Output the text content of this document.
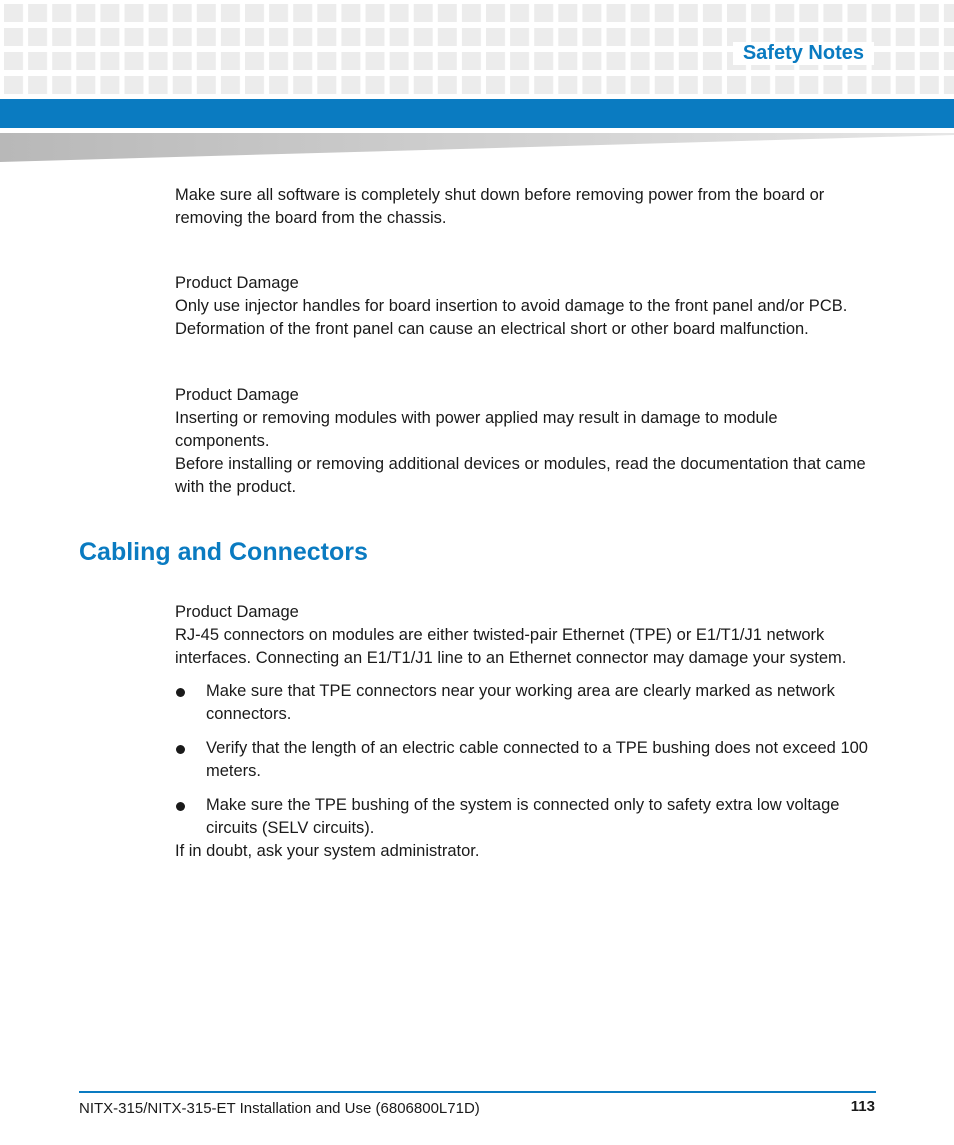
Safety Notes

Make sure all software is completely shut down before removing power from the board or removing the board from the chassis.

Product Damage

Only use injector handles for board insertion to avoid damage to the front panel and/or PCB. Deformation of the front panel can cause an electrical short or other board malfunction.

Product Damage

Inserting or removing modules with power applied may result in damage to module components.

Before installing or removing additional devices or modules, read the documentation that came with the product.

Cabling and Connectors

Product Damage

RJ-45 connectors on modules are either twisted-pair Ethernet (TPE) or E1/T1/J1 network interfaces. Connecting an E1/T1/J1 line to an Ethernet connector may damage your system.

Make sure that TPE connectors near your working area are clearly marked as network connectors.
Verify that the length of an electric cable connected to a TPE bushing does not exceed 100 meters.
Make sure the TPE bushing of the system is connected only to safety extra low voltage circuits (SELV circuits).

If in doubt, ask your system administrator.

NITX-315/NITX-315-ET Installation and Use (6806800L71D)	113
